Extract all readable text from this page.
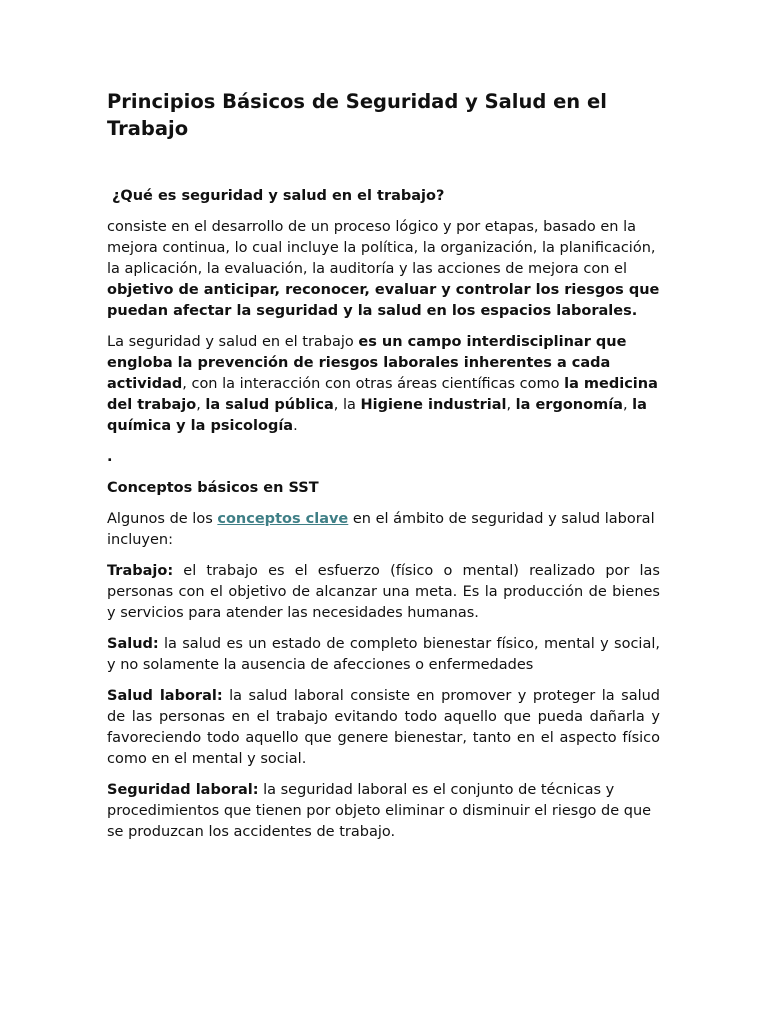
Principios Básicos de Seguridad y Salud en el Trabajo
¿Qué es seguridad y salud en el trabajo?

consiste en el desarrollo de un proceso lógico y por etapas, basado en la mejora continua, lo cual incluye la política, la organización, la planificación, la aplicación, la evaluación, la auditoría y las acciones de mejora con el objetivo de anticipar, reconocer, evaluar y controlar los riesgos que puedan afectar la seguridad y la salud en los espacios laborales.

La seguridad y salud en el trabajo es un campo interdisciplinar que engloba la prevención de riesgos laborales inherentes a cada actividad, con la interacción con otras áreas científicas como la medicina del trabajo, la salud pública, la Higiene industrial, la ergonomía, la química y la psicología.

.

Conceptos básicos en SST

Algunos de los conceptos clave en el ámbito de seguridad y salud laboral incluyen:

Trabajo: el trabajo es el esfuerzo (físico o mental) realizado por las personas con el objetivo de alcanzar una meta. Es la producción de bienes y servicios para atender las necesidades humanas.

Salud: la salud es un estado de completo bienestar físico, mental y social, y no solamente la ausencia de afecciones o enfermedades

Salud laboral: la salud laboral consiste en promover y proteger la salud de las personas en el trabajo evitando todo aquello que pueda dañarla y favoreciendo todo aquello que genere bienestar, tanto en el aspecto físico como en el mental y social.

Seguridad laboral: la seguridad laboral es el conjunto de técnicas y procedimientos que tienen por objeto eliminar o disminuir el riesgo de que se produzcan los accidentes de trabajo.
